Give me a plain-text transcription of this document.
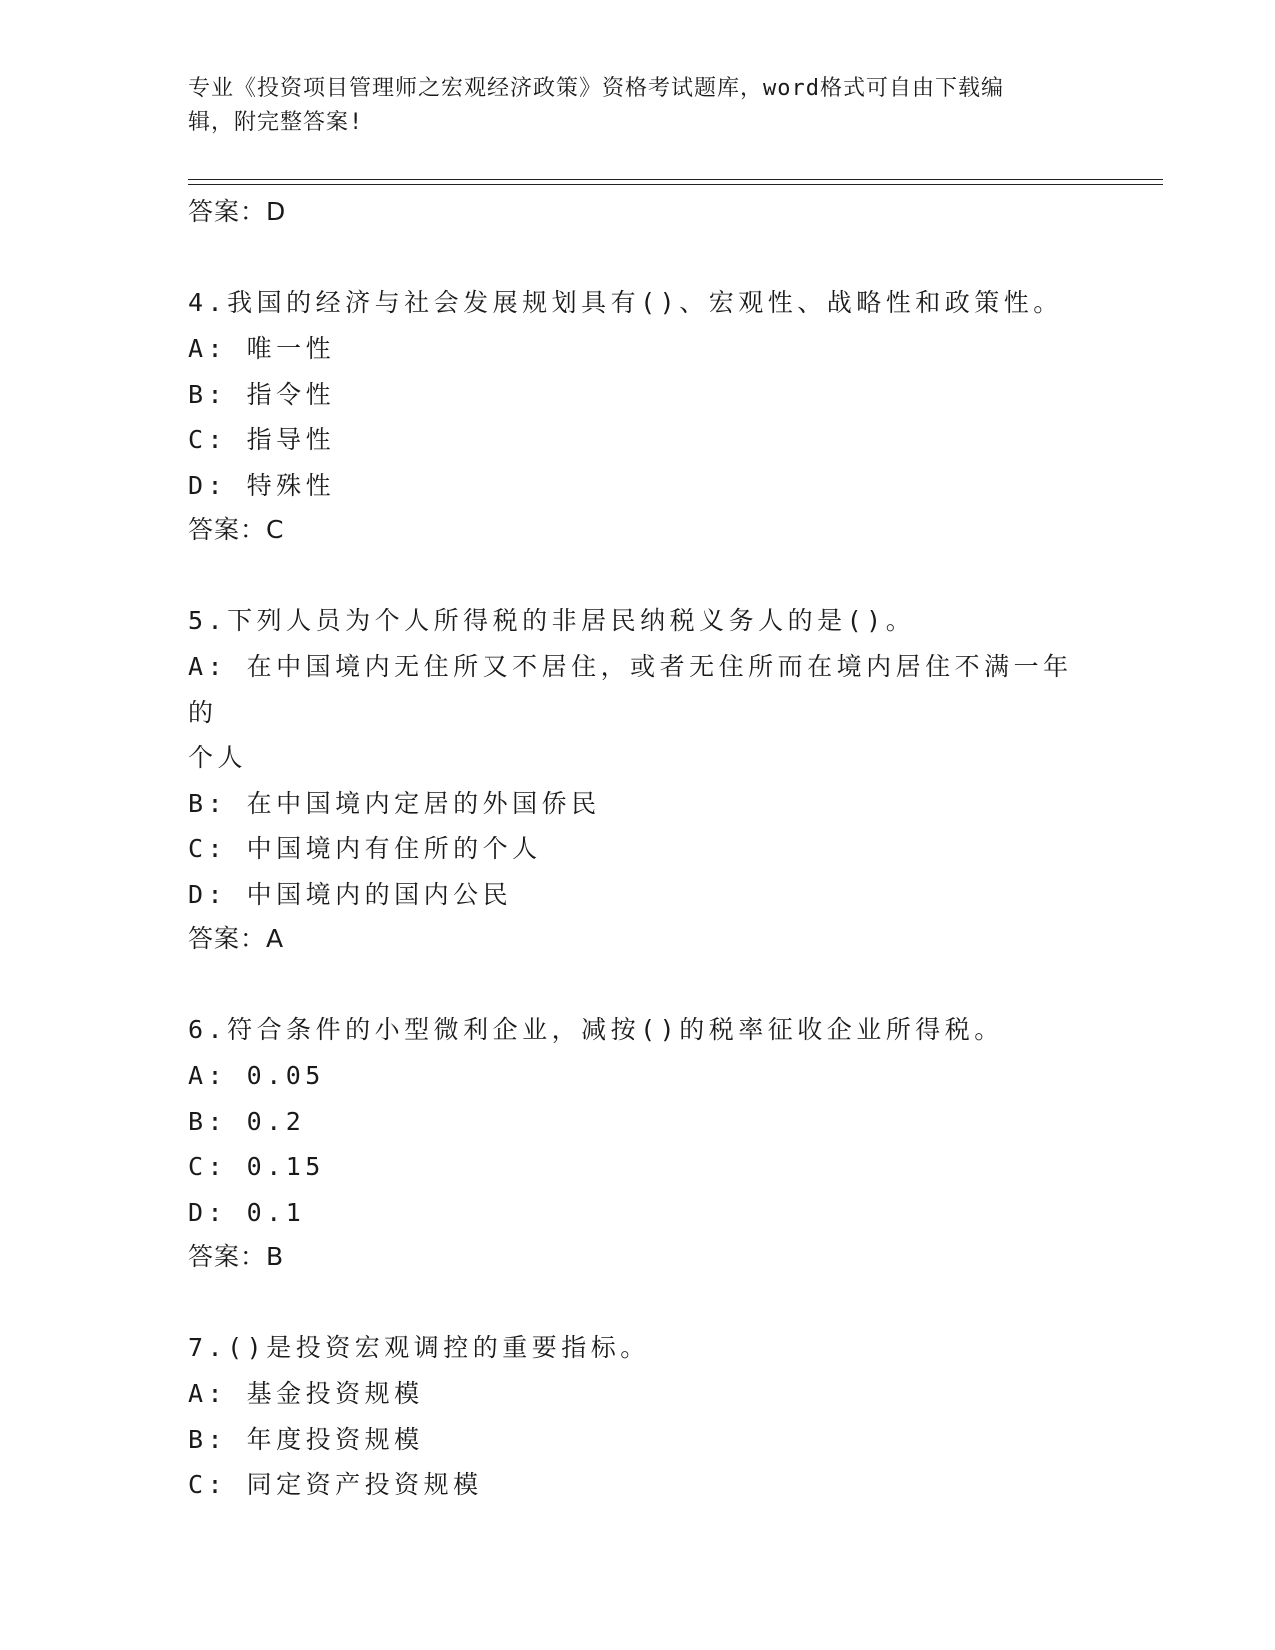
专业《投资项目管理师之宏观经济政策》资格考试题库，word格式可自由下载编
辑，附完整答案!
答案：D
4.我国的经济与社会发展规划具有()、宏观性、战略性和政策性。
A: 唯一性
B: 指令性
C: 指导性
D: 特殊性
答案：C
5.下列人员为个人所得税的非居民纳税义务人的是()。
A: 在中国境内无住所又不居住，或者无住所而在境内居住不满一年的
个人
B: 在中国境内定居的外国侨民
C: 中国境内有住所的个人
D: 中国境内的国内公民
答案：A
6.符合条件的小型微利企业，减按()的税率征收企业所得税。
A: 0.05
B: 0.2
C: 0.15
D: 0.1
答案：B
7.()是投资宏观调控的重要指标。
A: 基金投资规模
B: 年度投资规模
C: 同定资产投资规模
